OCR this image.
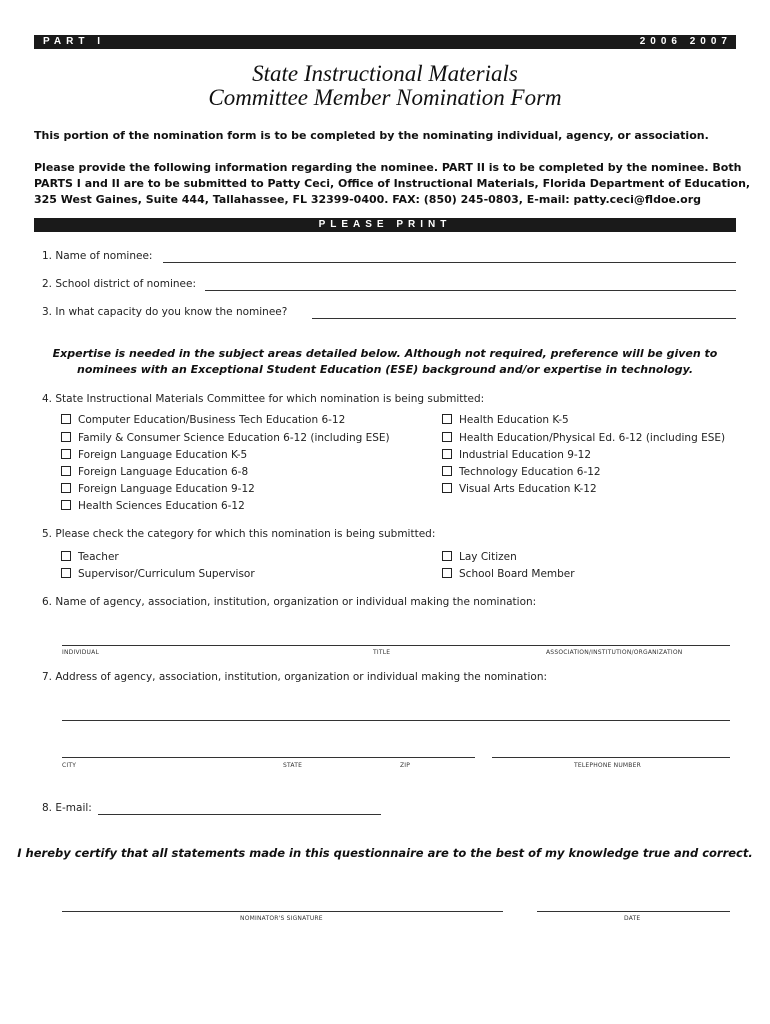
PART I	2006 2007
State Instructional Materials
Committee Member Nomination Form
This portion of the nomination form is to be completed by the nominating individual, agency, or association.
Please provide the following information regarding the nominee. PART II is to be completed by the nominee. Both
PARTS I and II are to be submitted to Patty Ceci, Office of Instructional Materials, Florida Department of Education,
325 West Gaines, Suite 444, Tallahassee, FL 32399-0400. FAX: (850) 245-0803, E-mail: patty.ceci@fldoe.org
PLEASE PRINT
1. Name of nominee:
2. School district of nominee:
3. In what capacity do you know the nominee?
Expertise is needed in the subject areas detailed below. Although not required, preference will be given to
nominees with an Exceptional Student Education (ESE) background and/or expertise in technology.
4. State Instructional Materials Committee for which nomination is being submitted:
Computer Education/Business Tech Education 6-12
Family & Consumer Science Education 6-12 (including ESE)
Foreign Language Education K-5
Foreign Language Education 6-8
Foreign Language Education 9-12
Health Sciences Education 6-12
Health Education K-5
Health Education/Physical Ed. 6-12 (including ESE)
Industrial Education 9-12
Technology Education 6-12
Visual Arts Education K-12
5. Please check the category for which this nomination is being submitted:
Teacher
Supervisor/Curriculum Supervisor
Lay Citizen
School Board Member
6. Name of agency, association, institution, organization or individual making the nomination:
INDIVIDUAL	TITLE	ASSOCIATION/INSTITUTION/ORGANIZATION
7. Address of agency, association, institution, organization or individual making the nomination:
CITY	STATE	ZIP	TELEPHONE NUMBER
8. E-mail:
I hereby certify that all statements made in this questionnaire are to the best of my knowledge true and correct.
NOMINATOR'S SIGNATURE	DATE
